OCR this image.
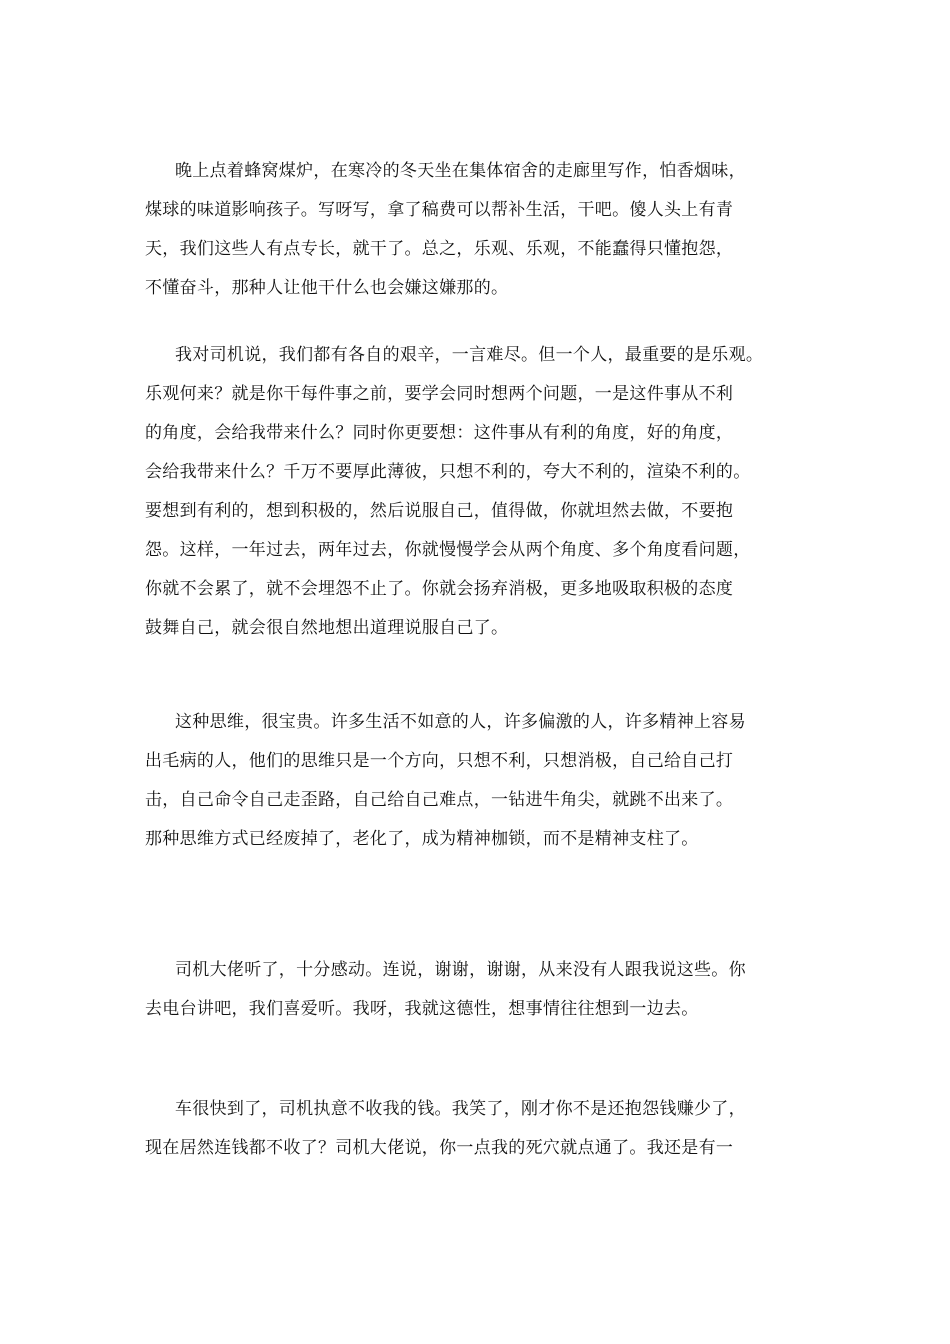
晚上点着蜂窝煤炉，在寒冷的冬天坐在集体宿舍的走廊里写作，怕香烟味，
煤球的味道影响孩子。写呀写，拿了稿费可以帮补生活，干吧。傻人头上有青
天，我们这些人有点专长，就干了。总之，乐观、乐观，不能蠢得只懂抱怨，
不懂奋斗，那种人让他干什么也会嫌这嫌那的。
我对司机说，我们都有各自的艰辛，一言难尽。但一个人，最重要的是乐观。
乐观何来？就是你干每件事之前，要学会同时想两个问题，一是这件事从不利
的角度，会给我带来什么？同时你更要想：这件事从有利的角度，好的角度，
会给我带来什么？千万不要厚此薄彼，只想不利的，夸大不利的，渲染不利的。
要想到有利的，想到积极的，然后说服自己，值得做，你就坦然去做，不要抱
怨。这样，一年过去，两年过去，你就慢慢学会从两个角度、多个角度看问题，
你就不会累了，就不会埋怨不止了。你就会扬弃消极，更多地吸取积极的态度
鼓舞自己，就会很自然地想出道理说服自己了。
这种思维，很宝贵。许多生活不如意的人，许多偏激的人，许多精神上容易
出毛病的人，他们的思维只是一个方向，只想不利，只想消极，自己给自己打
击，自己命令自己走歪路，自己给自己难点，一钻进牛角尖，就跳不出来了。
那种思维方式已经废掉了，老化了，成为精神枷锁，而不是精神支柱了。
司机大佬听了，十分感动。连说，谢谢，谢谢，从来没有人跟我说这些。你
去电台讲吧，我们喜爱听。我呀，我就这德性，想事情往往想到一边去。
车很快到了，司机执意不收我的钱。我笑了，刚才你不是还抱怨钱赚少了，
现在居然连钱都不收了？司机大佬说，你一点我的死穴就点通了。我还是有一
